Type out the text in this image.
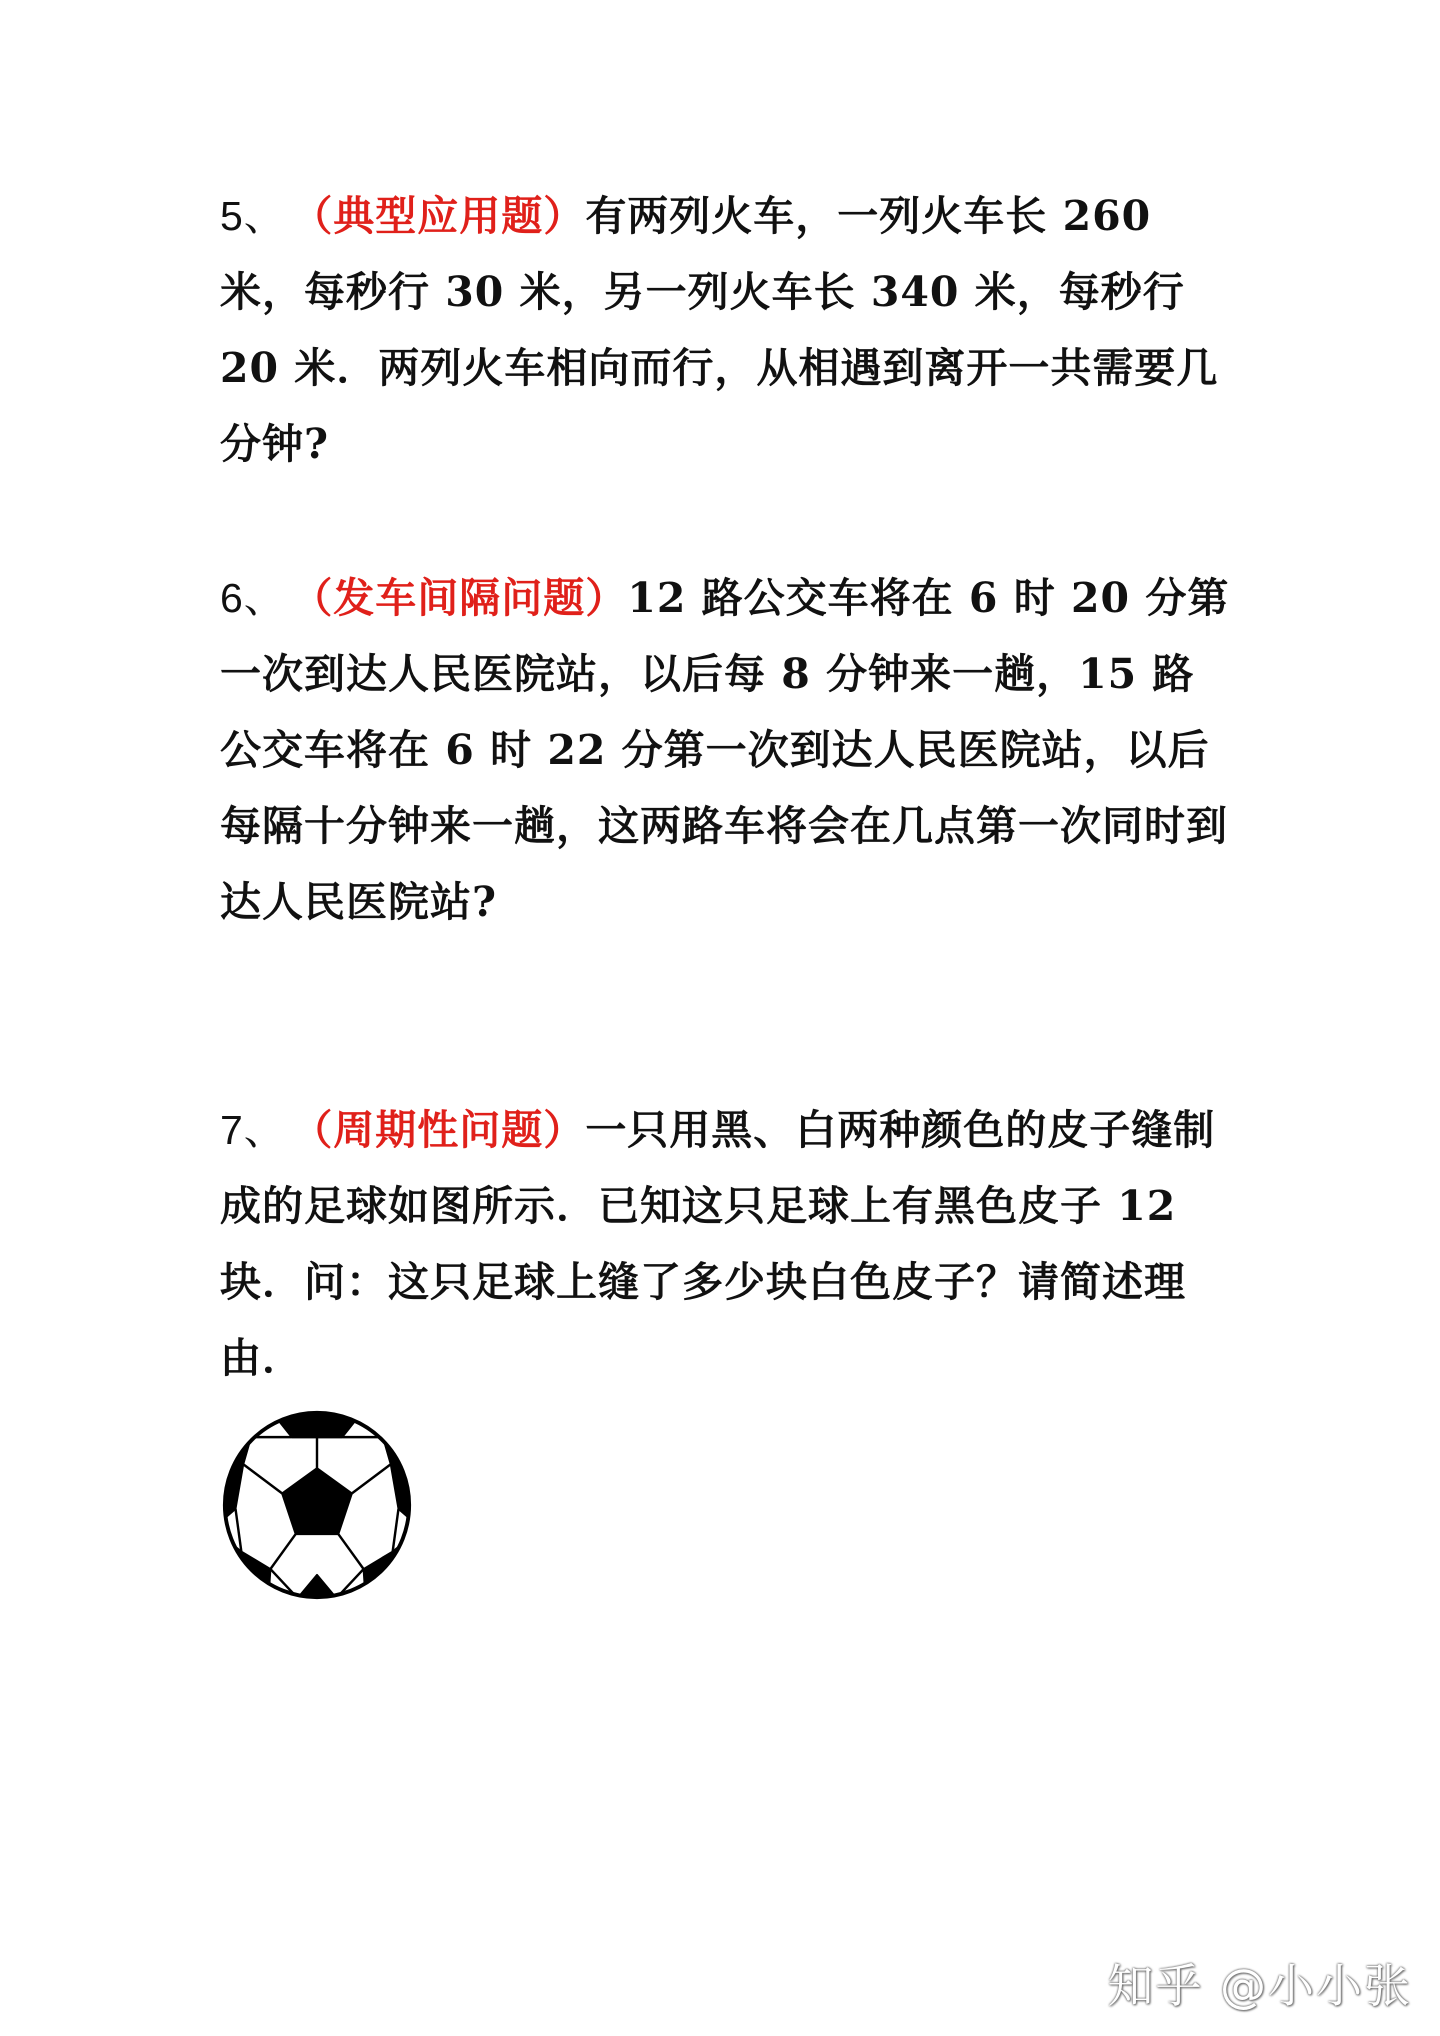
5、 （典型应用题）有两列火车，一列火车长 260 米，每秒行 30 米，另一列火车长 340 米，每秒行 20 米．两列火车相向而行，从相遇到离开一共需要几分钟?
6、 （发车间隔问题）12 路公交车将在 6 时 20 分第一次到达人民医院站，以后每 8 分钟来一趟，15 路公交车将在 6 时 22 分第一次到达人民医院站，以后每隔十分钟来一趟，这两路车将会在几点第一次同时到达人民医院站?
7、 （周期性问题）一只用黑、白两种颜色的皮子缝制成的足球如图所示．已知这只足球上有黑色皮子 12 块．问：这只足球上缝了多少块白色皮子？请简述理由．
知乎 @小小张
